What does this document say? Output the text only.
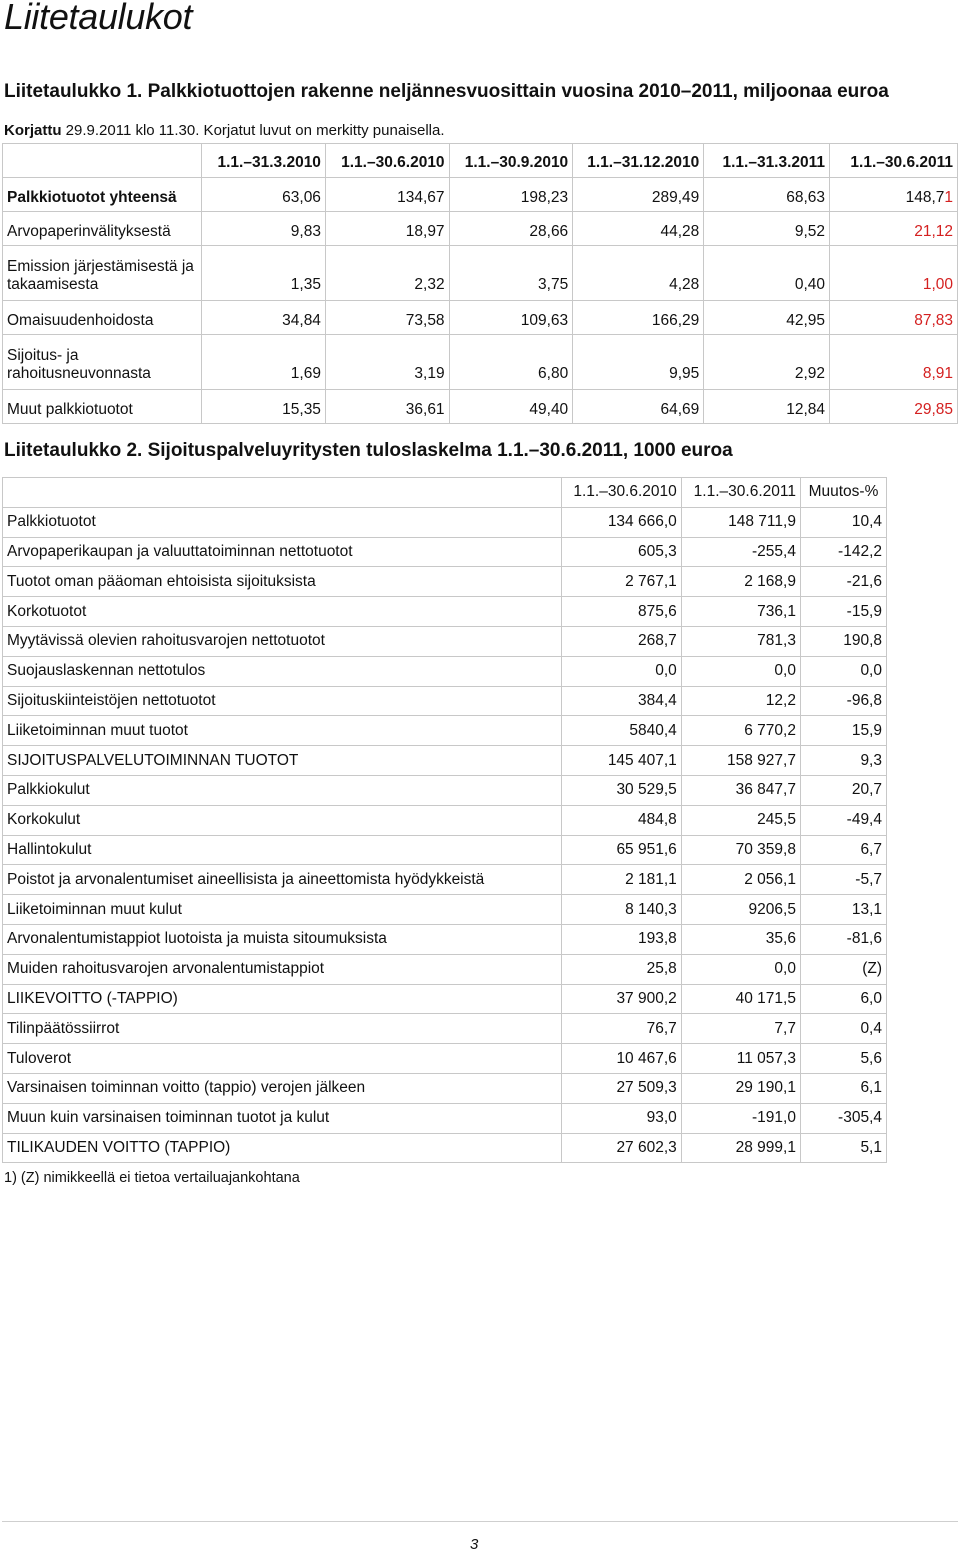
Liitetaulukot
Liitetaulukko 1. Palkkiotuottojen rakenne neljännesvuosittain vuosina 2010–2011, miljoonaa euroa
Korjattu 29.9.2011 klo 11.30. Korjatut luvut on merkitty punaisella.
	1.1.–31.3.2010	1.1.–30.6.2010	1.1.–30.9.2010	1.1.–31.12.2010	1.1.–31.3.2011	1.1.–30.6.2011
Palkkiotuotot yhteensä	63,06	134,67	198,23	289,49	68,63	148,71
Arvopaperinvälityksestä	9,83	18,97	28,66	44,28	9,52	21,12
Emission järjestämisestä ja takaamisesta	1,35	2,32	3,75	4,28	0,40	1,00
Omaisuudenhoidosta	34,84	73,58	109,63	166,29	42,95	87,83
Sijoitus- ja rahoitusneuvonnasta	1,69	3,19	6,80	9,95	2,92	8,91
Muut palkkiotuotot	15,35	36,61	49,40	64,69	12,84	29,85
Liitetaulukko 2. Sijoituspalveluyritysten tuloslaskelma 1.1.–30.6.2011, 1000 euroa
	1.1.–30.6.2010	1.1.–30.6.2011	Muutos-%
Palkkiotuotot	134 666,0	148 711,9	10,4
Arvopaperikaupan ja valuuttatoiminnan nettotuotot	605,3	-255,4	-142,2
Tuotot oman pääoman ehtoisista sijoituksista	2 767,1	2 168,9	-21,6
Korkotuotot	875,6	736,1	-15,9
Myytävissä olevien rahoitusvarojen nettotuotot	268,7	781,3	190,8
Suojauslaskennan nettotulos	0,0	0,0	0,0
Sijoituskiinteistöjen nettotuotot	384,4	12,2	-96,8
Liiketoiminnan muut tuotot	5840,4	6 770,2	15,9
SIJOITUSPALVELUTOIMINNAN TUOTOT	145 407,1	158 927,7	9,3
Palkkiokulut	30 529,5	36 847,7	20,7
Korkokulut	484,8	245,5	-49,4
Hallintokulut	65 951,6	70 359,8	6,7
Poistot ja arvonalentumiset aineellisista ja aineettomista hyödykkeistä	2 181,1	2 056,1	-5,7
Liiketoiminnan muut kulut	8 140,3	9206,5	13,1
Arvonalentumistappiot luotoista ja muista sitoumuksista	193,8	35,6	-81,6
Muiden rahoitusvarojen arvonalentumistappiot	25,8	0,0	(Z)
LIIKEVOITTO (-TAPPIO)	37 900,2	40 171,5	6,0
Tilinpäätössiirrot	76,7	7,7	0,4
Tuloverot	10 467,6	11 057,3	5,6
Varsinaisen toiminnan voitto (tappio) verojen jälkeen	27 509,3	29 190,1	6,1
Muun kuin varsinaisen toiminnan tuotot ja kulut	93,0	-191,0	-305,4
TILIKAUDEN VOITTO (TAPPIO)	27 602,3	28 999,1	5,1
1) (Z) nimikkeellä ei tietoa vertailuajankohtana
3
